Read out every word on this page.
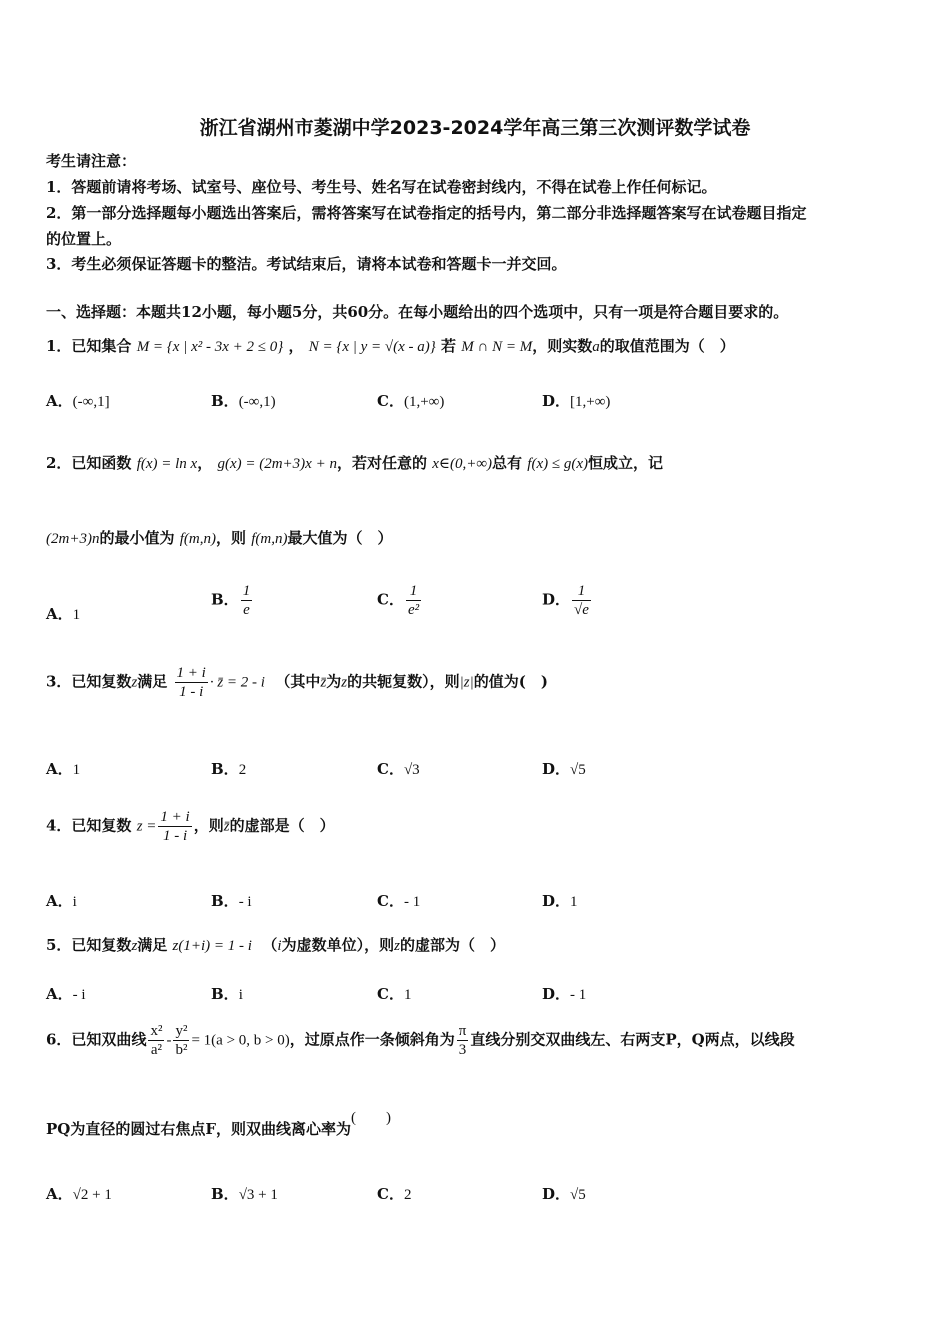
浙江省湖州市菱湖中学2023-2024学年高三第三次测评数学试卷
考生请注意：
1．答题前请将考场、试室号、座位号、考生号、姓名写在试卷密封线内，不得在试卷上作任何标记。
2．第一部分选择题每小题选出答案后，需将答案写在试卷指定的括号内，第二部分非选择题答案写在试卷题目指定
的位置上。
3．考生必须保证答题卡的整洁。考试结束后，请将本试卷和答题卡一并交回。
一、选择题：本题共12小题，每小题5分，共60分。在每小题给出的四个选项中，只有一项是符合题目要求的。
1．已知集合 M = {x | x² - 3x + 2 ≤ 0} ， N = {x | y = √(x - a)} 若 M ∩ N = M，则实数a的取值范围为（　）
A．(-∞,1]	B．(-∞,1)	C．(1,+∞)	D．[1,+∞)
2．已知函数 f(x) = ln x， g(x) = (2m+3)x + n，若对任意的 x∈(0,+∞)总有 f(x) ≤ g(x)恒成立，记
(2m+3)n的最小值为 f(m,n)，则 f(m,n)最大值为（　）
A．1
B． $\frac{1}{e}$	C． $\frac{1}{\text{e²}}$	D． $\frac{1}{√e}$
3．已知复数z满足 $\frac{1 + i}{1 - i}$ · z̄ = 2 - i （其中z̄为z的共轭复数），则|z|的值为(　)
A．1	B．2	C．√3	D．√5
4．已知复数 $z = \frac{1 + i}{1 - i}$ ，则z̄的虚部是（　）
A．i	B．- i	C．- 1	D．1
5．已知复数z满足 z(1+i) = 1 - i （i为虚数单位），则z的虚部为（　）
A．- i	B．i	C．1	D．- 1
6．已知双曲线 $\frac{\text{x²}}{\text{a²}} - \frac{\text{y²}}{\text{b²}} = 1(a > 0$, b > 0)，过原点作一条倾斜角为 $\frac{\pi}{3}$ 直线分别交双曲线左、右两支P，Q两点，以线段
PQ为直径的圆过右焦点F，则双曲线离心率为(　　)
A．√2 + 1	B．√3 + 1	C．2	D．√5
